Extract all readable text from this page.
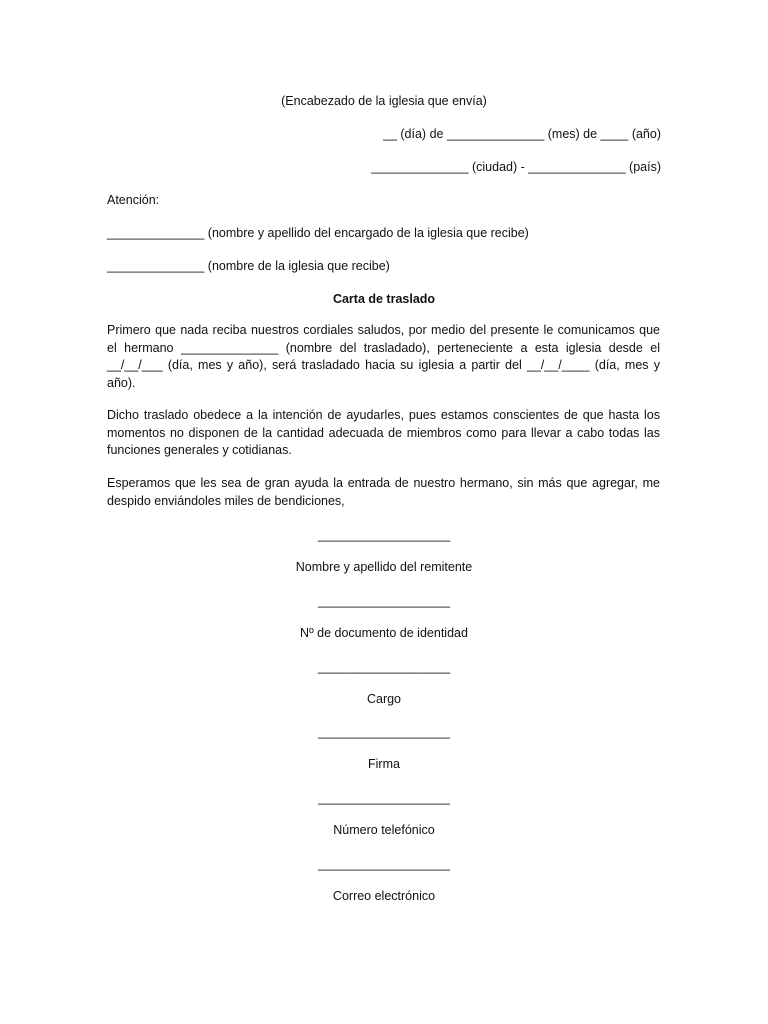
(Encabezado de la iglesia que envía)
__ (día) de ______________ (mes) de ____ (año)
______________ (ciudad) - ______________ (país)
Atención:
______________ (nombre y apellido del encargado de la iglesia que recibe)
______________ (nombre de la iglesia que recibe)
Carta de traslado
Primero que nada reciba nuestros cordiales saludos, por medio del presente le comunicamos que el hermano ______________ (nombre del trasladado), perteneciente a esta iglesia desde el __/__/___ (día, mes y año), será trasladado hacia su iglesia a partir del __/__/____ (día, mes y año).
Dicho traslado obedece a la intención de ayudarles, pues estamos conscientes de que hasta los momentos no disponen de la cantidad adecuada de miembros como para llevar a cabo todas las funciones generales y cotidianas.
Esperamos que les sea de gran ayuda la entrada de nuestro hermano, sin más que agregar, me despido enviándoles miles de bendiciones,
___________________
Nombre y apellido del remitente
___________________
Nº de documento de identidad
___________________
Cargo
___________________
Firma
___________________
Número telefónico
___________________
Correo electrónico
